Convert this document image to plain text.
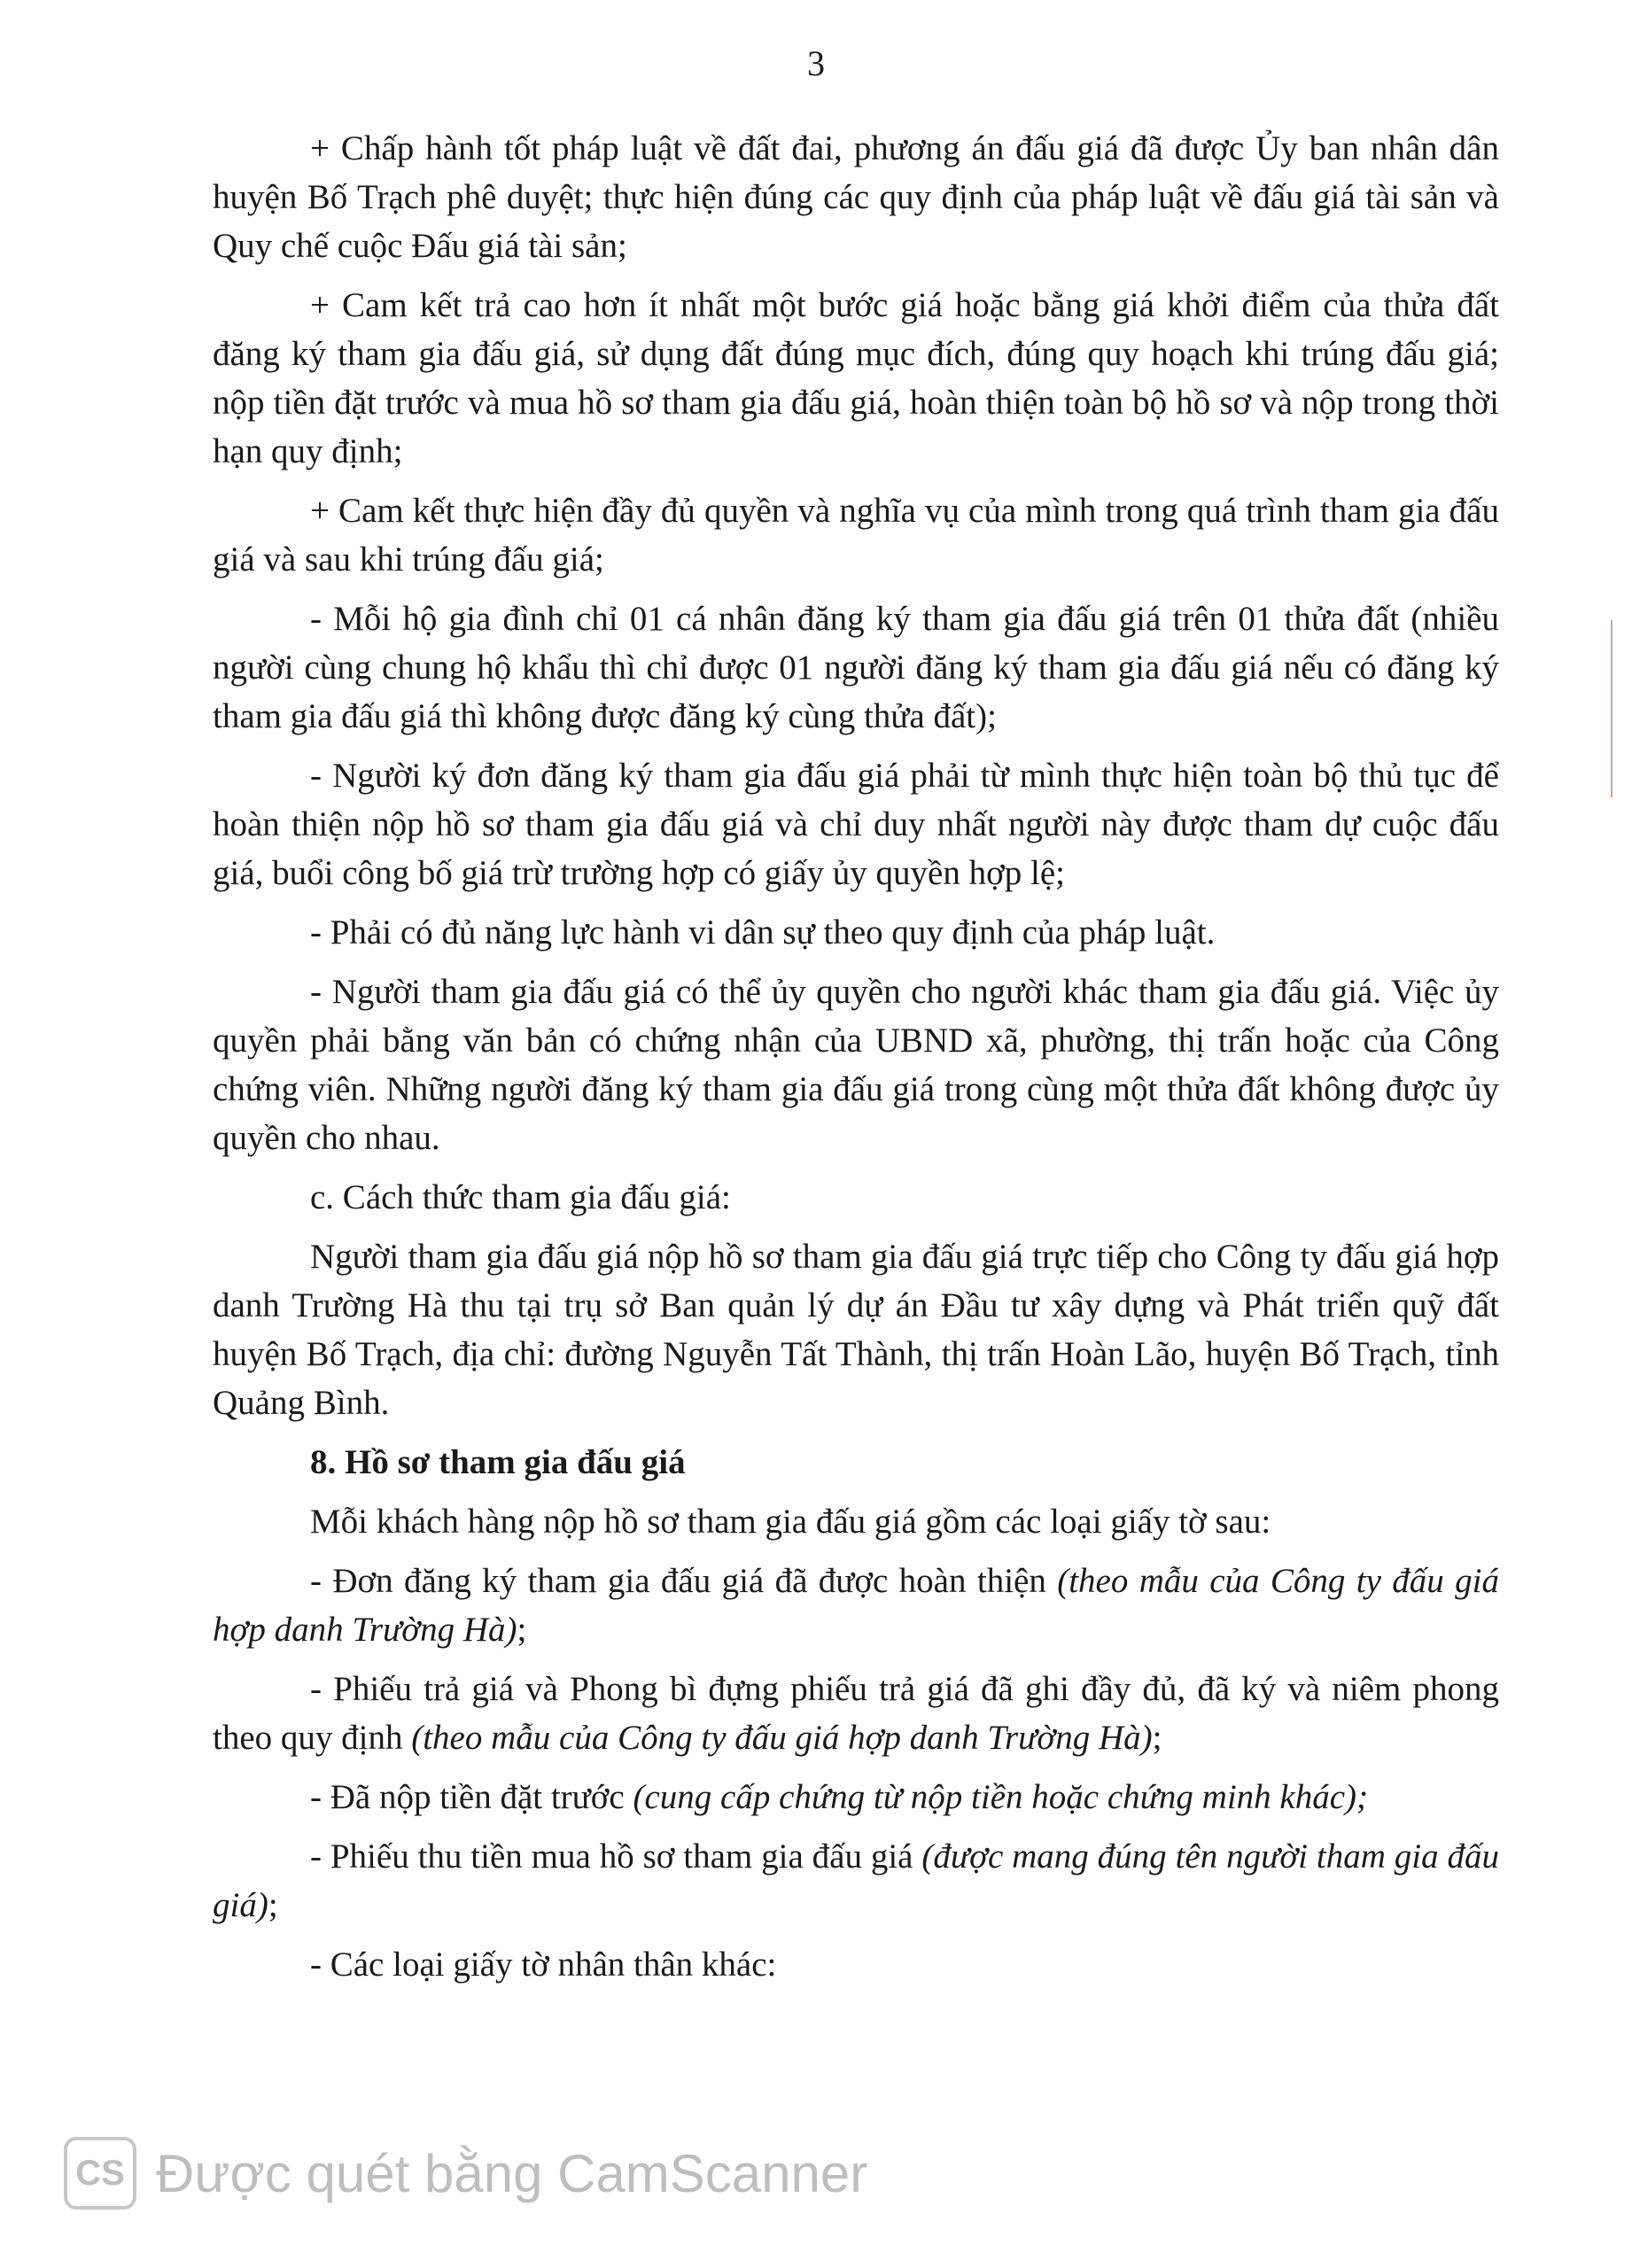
3

+ Chấp hành tốt pháp luật về đất đai, phương án đấu giá đã được Ủy ban nhân dân huyện Bố Trạch phê duyệt; thực hiện đúng các quy định của pháp luật về đấu giá tài sản và Quy chế cuộc Đấu giá tài sản;

+ Cam kết trả cao hơn ít nhất một bước giá hoặc bằng giá khởi điểm của thửa đất đăng ký tham gia đấu giá, sử dụng đất đúng mục đích, đúng quy hoạch khi trúng đấu giá; nộp tiền đặt trước và mua hồ sơ tham gia đấu giá, hoàn thiện toàn bộ hồ sơ và nộp trong thời hạn quy định;

+ Cam kết thực hiện đầy đủ quyền và nghĩa vụ của mình trong quá trình tham gia đấu giá và sau khi trúng đấu giá;

- Mỗi hộ gia đình chỉ 01 cá nhân đăng ký tham gia đấu giá trên 01 thửa đất (nhiều người cùng chung hộ khẩu thì chỉ được 01 người đăng ký tham gia đấu giá nếu có đăng ký tham gia đấu giá thì không được đăng ký cùng thửa đất);

- Người ký đơn đăng ký tham gia đấu giá phải từ mình thực hiện toàn bộ thủ tục để hoàn thiện nộp hồ sơ tham gia đấu giá và chỉ duy nhất người này được tham dự cuộc đấu giá, buổi công bố giá trừ trường hợp có giấy ủy quyền hợp lệ;

- Phải có đủ năng lực hành vi dân sự theo quy định của pháp luật.

- Người tham gia đấu giá có thể ủy quyền cho người khác tham gia đấu giá. Việc ủy quyền phải bằng văn bản có chứng nhận của UBND xã, phường, thị trấn hoặc của Công chứng viên. Những người đăng ký tham gia đấu giá trong cùng một thửa đất không được ủy quyền cho nhau.

c. Cách thức tham gia đấu giá:

Người tham gia đấu giá nộp hồ sơ tham gia đấu giá trực tiếp cho Công ty đấu giá hợp danh Trường Hà thu tại trụ sở Ban quản lý dự án Đầu tư xây dựng và Phát triển quỹ đất huyện Bố Trạch, địa chỉ: đường Nguyễn Tất Thành, thị trấn Hoàn Lão, huyện Bố Trạch, tỉnh Quảng Bình.

8. Hồ sơ tham gia đấu giá

Mỗi khách hàng nộp hồ sơ tham gia đấu giá gồm các loại giấy tờ sau:

- Đơn đăng ký tham gia đấu giá đã được hoàn thiện (theo mẫu của Công ty đấu giá hợp danh Trường Hà);

- Phiếu trả giá và Phong bì đựng phiếu trả giá đã ghi đầy đủ, đã ký và niêm phong theo quy định (theo mẫu của Công ty đấu giá hợp danh Trường Hà);

- Đã nộp tiền đặt trước (cung cấp chứng từ nộp tiền hoặc chứng minh khác);

- Phiếu thu tiền mua hồ sơ tham gia đấu giá (được mang đúng tên người tham gia đấu giá);

- Các loại giấy tờ nhân thân khác:

CS Được quét bằng CamScanner
